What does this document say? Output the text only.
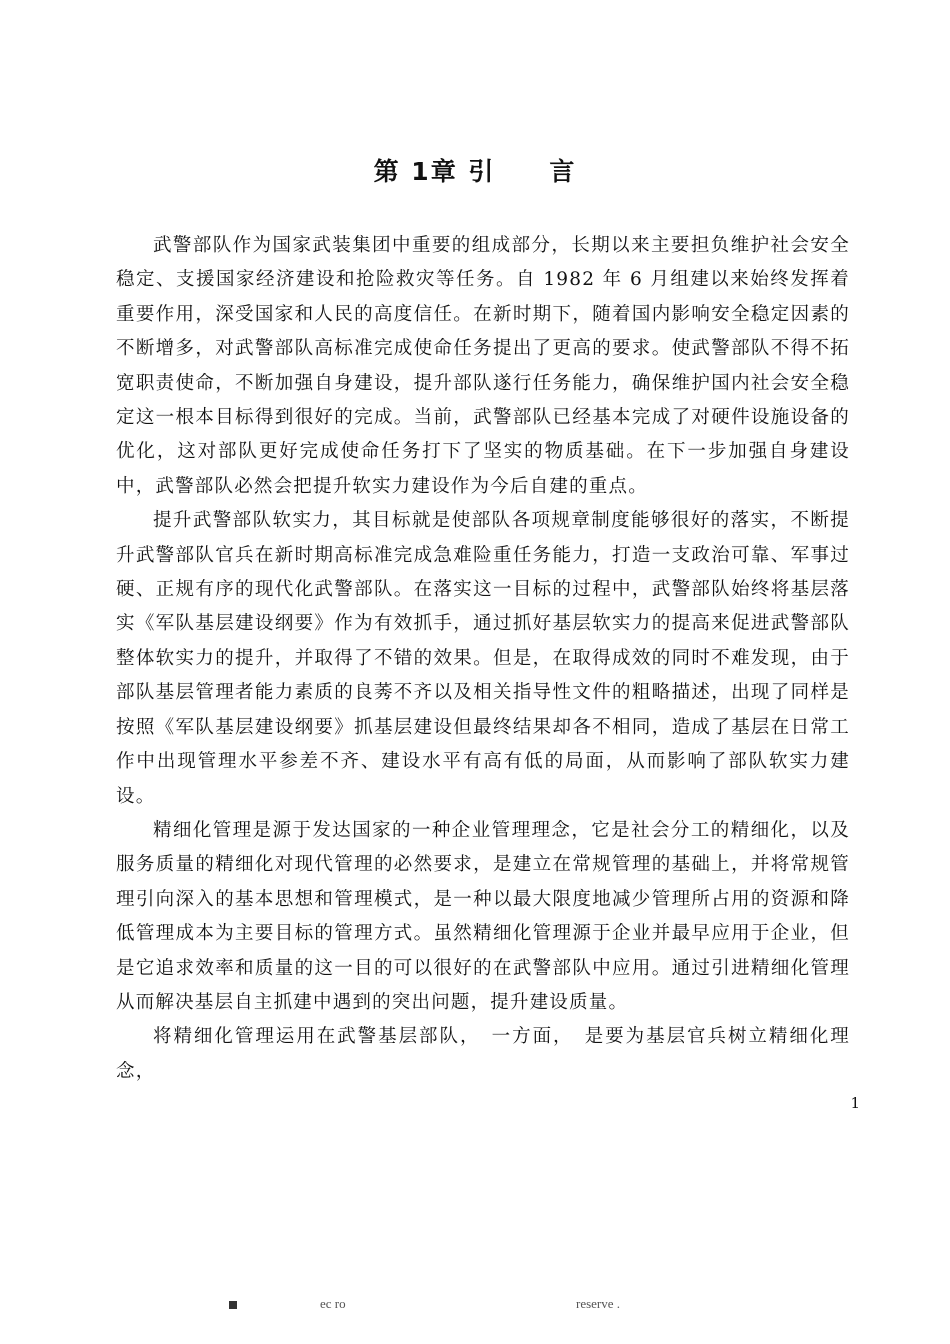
第 1章 引　　言

武警部队作为国家武装集团中重要的组成部分，长期以来主要担负维护社会安全稳定、支援国家经济建设和抢险救灾等任务。自 1982 年 6 月组建以来始终发挥着重要作用，深受国家和人民的高度信任。在新时期下，随着国内影响安全稳定因素的不断增多，对武警部队高标准完成使命任务提出了更高的要求。使武警部队不得不拓宽职责使命，不断加强自身建设，提升部队遂行任务能力，确保维护国内社会安全稳定这一根本目标得到很好的完成。当前，武警部队已经基本完成了对硬件设施设备的优化，这对部队更好完成使命任务打下了坚实的物质基础。在下一步加强自身建设中，武警部队必然会把提升软实力建设作为今后自建的重点。

提升武警部队软实力，其目标就是使部队各项规章制度能够很好的落实，不断提升武警部队官兵在新时期高标准完成急难险重任务能力，打造一支政治可靠、军事过硬、正规有序的现代化武警部队。在落实这一目标的过程中，武警部队始终将基层落实《军队基层建设纲要》作为有效抓手，通过抓好基层软实力的提高来促进武警部队整体软实力的提升，并取得了不错的效果。但是，在取得成效的同时不难发现，由于部队基层管理者能力素质的良莠不齐以及相关指导性文件的粗略描述，出现了同样是按照《军队基层建设纲要》抓基层建设但最终结果却各不相同，造成了基层在日常工作中出现管理水平参差不齐、建设水平有高有低的局面，从而影响了部队软实力建设。

精细化管理是源于发达国家的一种企业管理理念，它是社会分工的精细化，以及服务质量的精细化对现代管理的必然要求，是建立在常规管理的基础上，并将常规管理引向深入的基本思想和管理模式，是一种以最大限度地减少管理所占用的资源和降低管理成本为主要目标的管理方式。虽然精细化管理源于企业并最早应用于企业，但是它追求效率和质量的这一目的可以很好的在武警部队中应用。通过引进精细化管理从而解决基层自主抓建中遇到的突出问题，提升建设质量。

将精细化管理运用在武警基层部队，　一方面，　是要为基层官兵树立精细化理念，

1
ec ro	reserve .
